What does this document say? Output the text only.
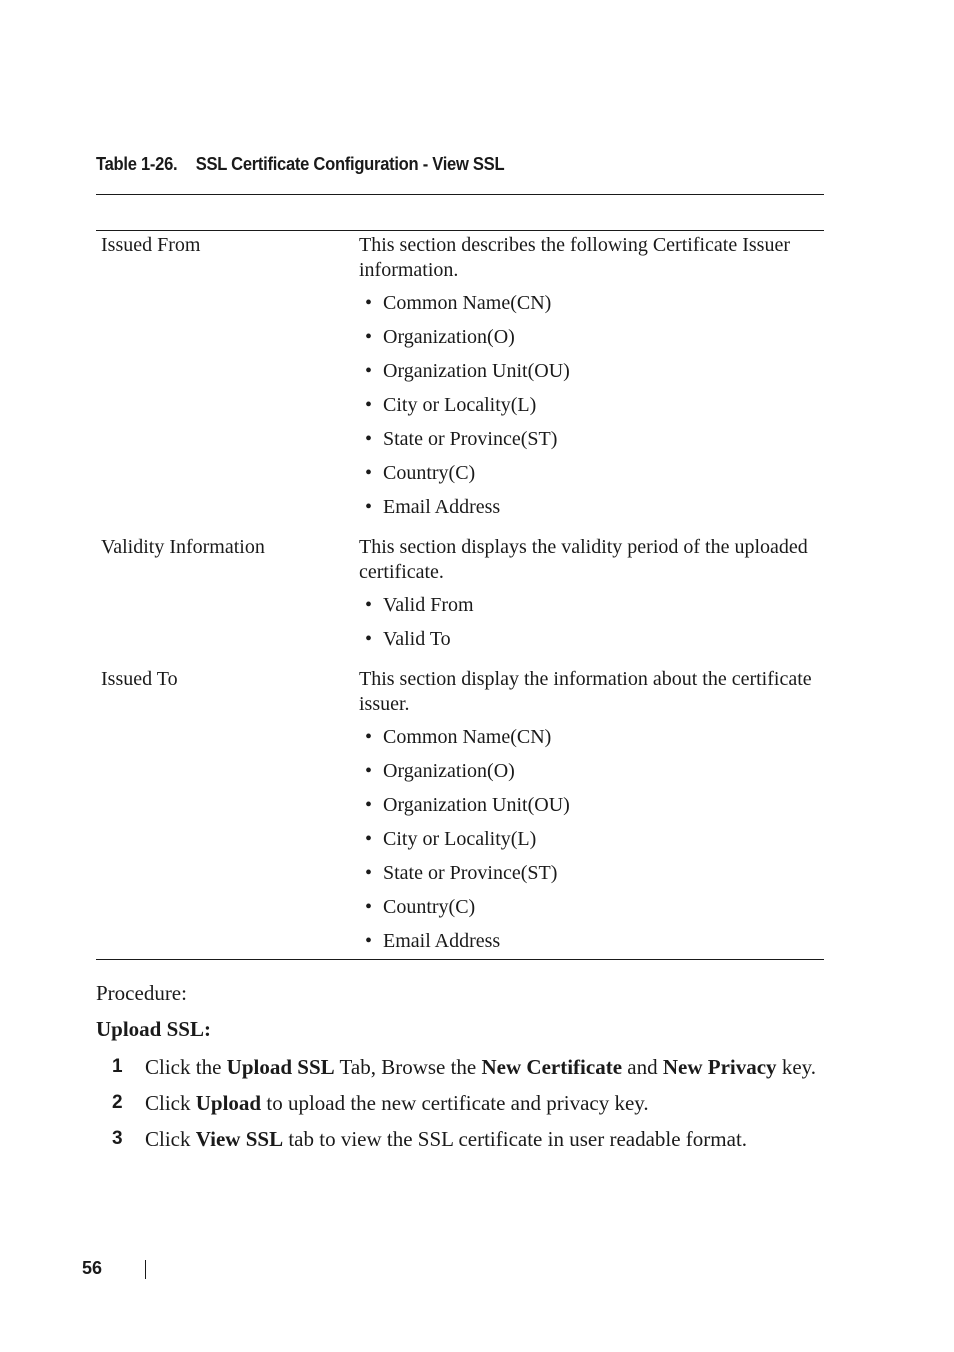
Table 1-26. SSL Certificate Configuration - View SSL
Issued From	This section describes the following Certificate Issuer information.
• Common Name(CN)
• Organization(O)
• Organization Unit(OU)
• City or Locality(L)
• State or Province(ST)
• Country(C)
• Email Address
Validity Information	This section displays the validity period of the uploaded certificate.
• Valid From
• Valid To
Issued To	This section display the information about the certificate issuer.
• Common Name(CN)
• Organization(O)
• Organization Unit(OU)
• City or Locality(L)
• State or Province(ST)
• Country(C)
• Email Address
Procedure:
Upload SSL:
1 Click the Upload SSL Tab, Browse the New Certificate and New Privacy key.
2 Click Upload to upload the new certificate and privacy key.
3 Click View SSL tab to view the SSL certificate in user readable format.
56
